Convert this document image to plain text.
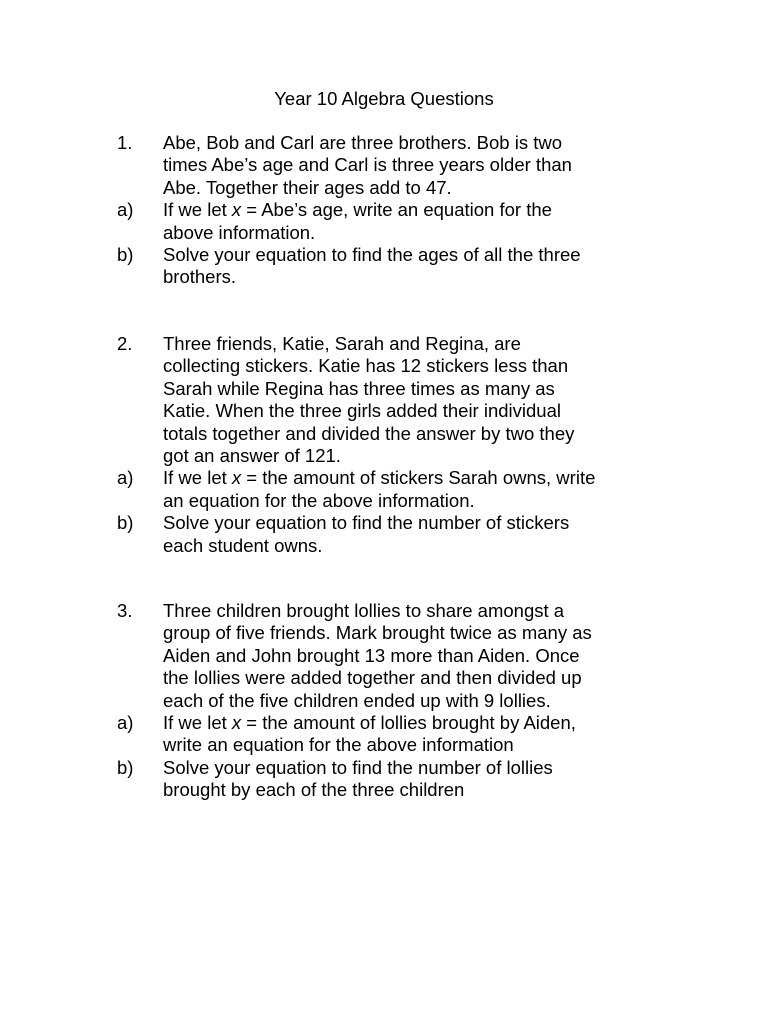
Year 10 Algebra Questions
1. Abe, Bob and Carl are three brothers. Bob is two
times Abe’s age and Carl is three years older than
Abe. Together their ages add to 47.
a) If we let x = Abe’s age, write an equation for the
above information.
b) Solve your equation to find the ages of all the three
brothers.
2. Three friends, Katie, Sarah and Regina, are
collecting stickers. Katie has 12 stickers less than
Sarah while Regina has three times as many as
Katie. When the three girls added their individual
totals together and divided the answer by two they
got an answer of 121.
a) If we let x = the amount of stickers Sarah owns, write
an equation for the above information.
b) Solve your equation to find the number of stickers
each student owns.
3. Three children brought lollies to share amongst a
group of five friends. Mark brought twice as many as
Aiden and John brought 13 more than Aiden. Once
the lollies were added together and then divided up
each of the five children ended up with 9 lollies.
a) If we let x = the amount of lollies brought by Aiden,
write an equation for the above information
b) Solve your equation to find the number of lollies
brought by each of the three children
